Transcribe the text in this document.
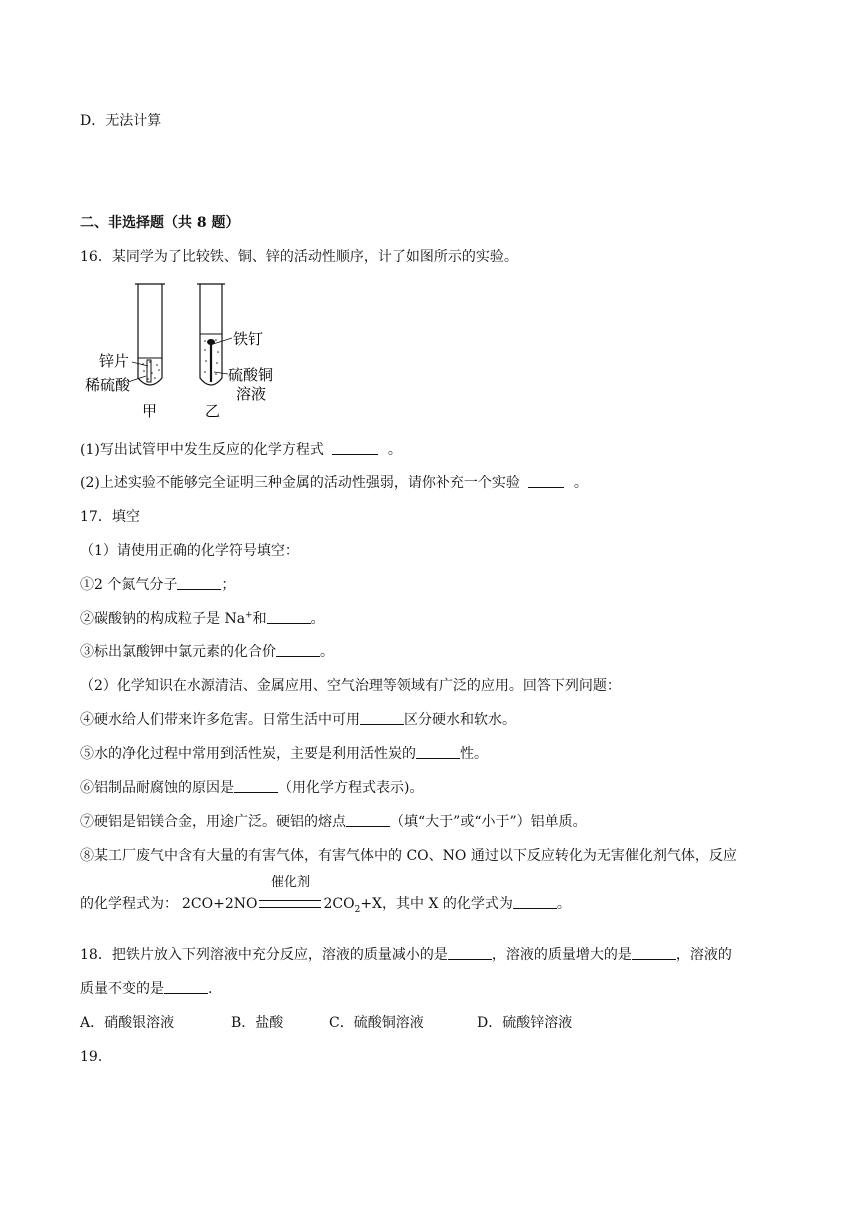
D．无法计算
二、非选择题（共 8 题）
16．某同学为了比较铁、铜、锌的活动性顺序，计了如图所示的实验。
锌片
稀硫酸
甲
铁钉
硫酸铜
溶液
乙
(1)写出试管甲中发生反应的化学方程式	。
(2)上述实验不能够完全证明三种金属的活动性强弱，请你补充一个实验	。
17．填空
（1）请使用正确的化学符号填空：
①2 个氮气分子	；
②碳酸钠的构成粒子是 Na+和	。
③标出氯酸钾中氯元素的化合价	。
（2）化学知识在水源清洁、金属应用、空气治理等领域有广泛的应用。回答下列问题：
④硬水给人们带来许多危害。日常生活中可用	区分硬水和软水。
⑤水的净化过程中常用到活性炭，主要是利用活性炭的	性。
⑥铝制品耐腐蚀的原因是	（用化学方程式表示)。
⑦硬铝是铝镁合金，用途广泛。硬铝的熔点	（填“大于”或“小于”）铝单质。
⑧某工厂废气中含有大量的有害气体，有害气体中的 CO、NO 通过以下反应转化为无害催化剂气体，反应
的化学程式为： 2CO+2NO
催化剂
$2CO_2+X$，其中 X 的化学式为	。
18．把铁片放入下列溶液中充分反应，溶液的质量减小的是	，溶液的质量增大的是	，溶液的
质量不变的是	.
A．硝酸银溶液	B．盐酸	C．硫酸铜溶液	D．硫酸锌溶液
19.
